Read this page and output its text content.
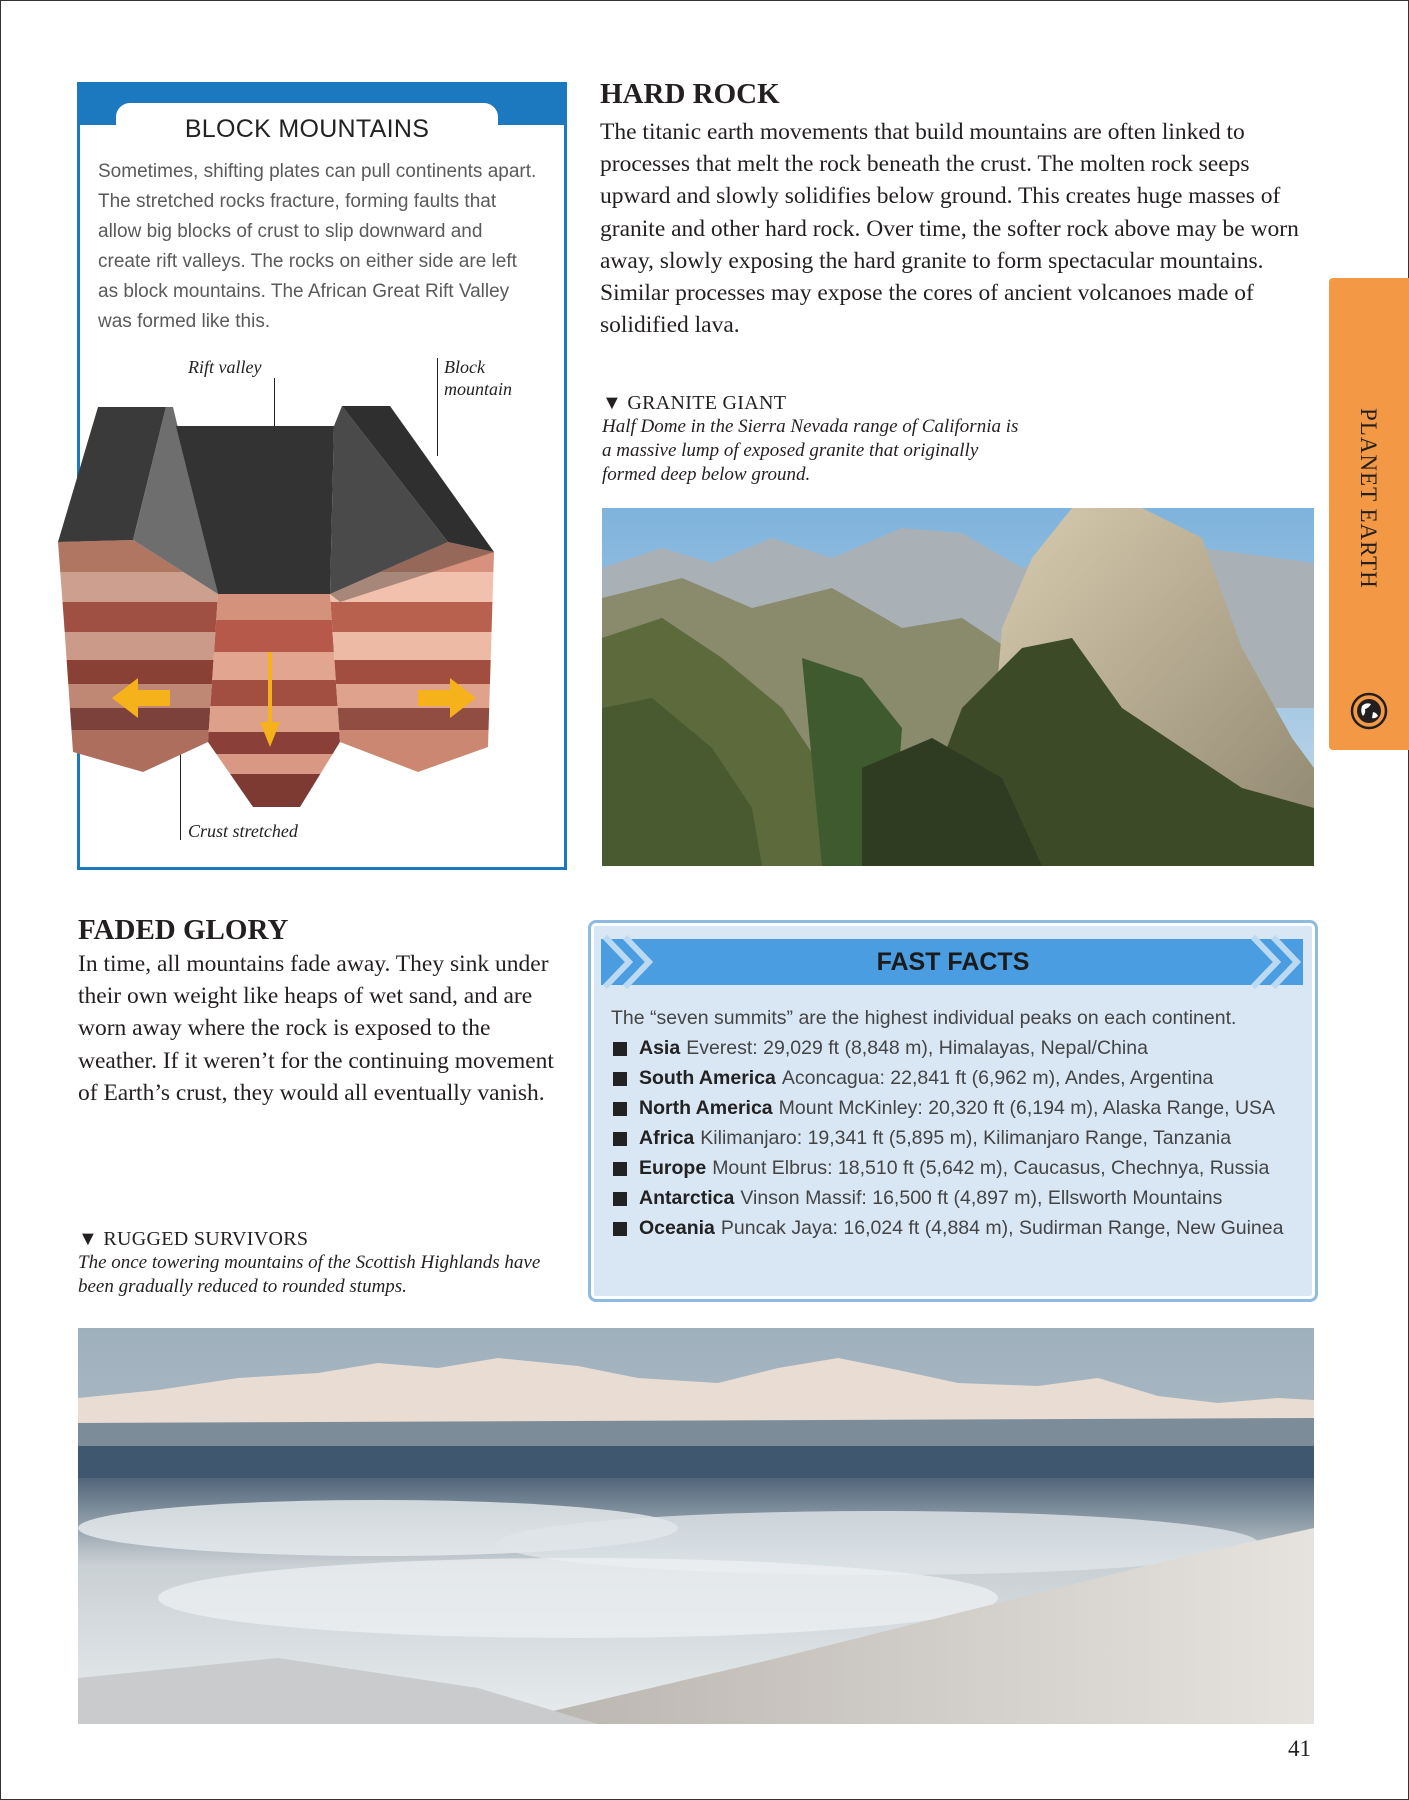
BLOCK MOUNTAINS
Sometimes, shifting plates can pull continents apart. The stretched rocks fracture, forming faults that allow big blocks of crust to slip downward and create rift valleys. The rocks on either side are left as block mountains. The African Great Rift Valley was formed like this.
Rift valley	Block
mountain
Crust stretched
HARD ROCK
The titanic earth movements that build mountains are often linked to processes that melt the rock beneath the crust. The molten rock seeps upward and slowly solidifies below ground. This creates huge masses of granite and other hard rock. Over time, the softer rock above may be worn away, slowly exposing the hard granite to form spectacular mountains. Similar processes may expose the cores of ancient volcanoes made of solidified lava.
▼ GRANITE GIANT
Half Dome in the Sierra Nevada range of California is a massive lump of exposed granite that originally formed deep below ground.	PLANET EARTH
FADED GLORY
In time, all mountains fade away. They sink under their own weight like heaps of wet sand, and are worn away where the rock is exposed to the weather. If it weren’t for the continuing movement of Earth’s crust, they would all eventually vanish.
▼ RUGGED SURVIVORS
The once towering mountains of the Scottish Highlands have been gradually reduced to rounded stumps.
FAST FACTS
The “seven summits” are the highest individual peaks on each continent.
Asia Everest: 29,029 ft (8,848 m), Himalayas, Nepal/China
South America Aconcagua: 22,841 ft (6,962 m), Andes, Argentina
North America Mount McKinley: 20,320 ft (6,194 m), Alaska Range, USA
Africa Kilimanjaro: 19,341 ft (5,895 m), Kilimanjaro Range, Tanzania
Europe Mount Elbrus: 18,510 ft (5,642 m), Caucasus, Chechnya, Russia
Antarctica Vinson Massif: 16,500 ft (4,897 m), Ellsworth Mountains
Oceania Puncak Jaya: 16,024 ft (4,884 m), Sudirman Range, New Guinea
41
